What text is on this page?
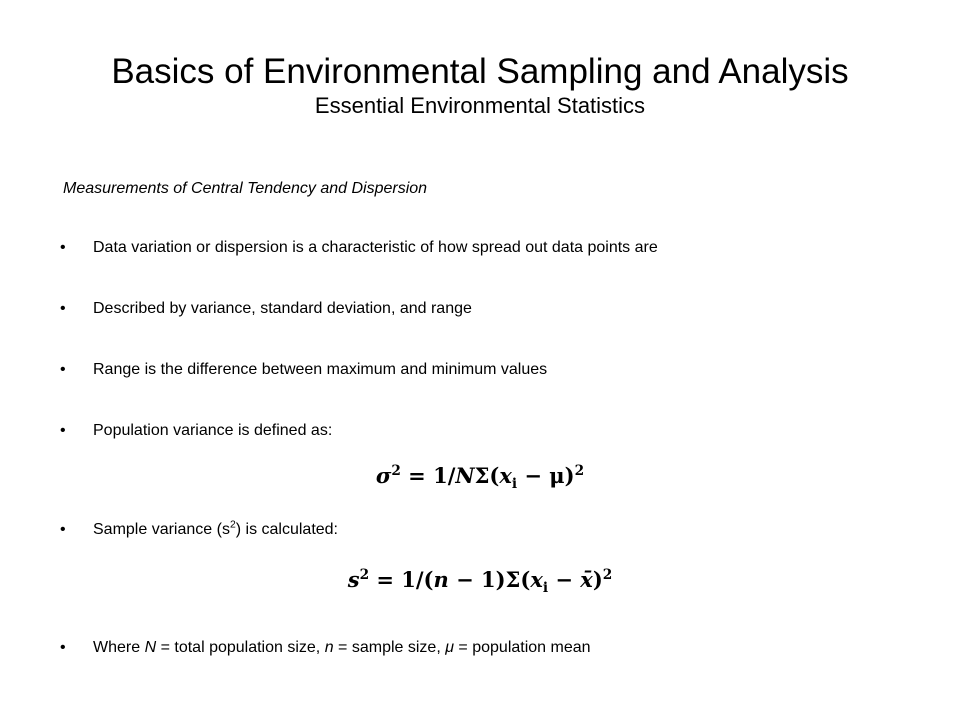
Basics of Environmental Sampling and Analysis
Essential Environmental Statistics
Measurements of Central Tendency and Dispersion
•	Data variation or dispersion is a characteristic of how spread out data points are
•	Described by variance, standard deviation, and range
•	Range is the difference between maximum and minimum values
•	Population variance is defined as:
$\sigma^2 = 1/N\Sigma(x_i - \mu)^2$
•	Sample variance $(s^2)$ is calculated:
$s^2 = 1/(n - 1)\Sigma(x_i$ − x̄)$^2$
•	Where N = total population size, n = sample size, μ = population mean
